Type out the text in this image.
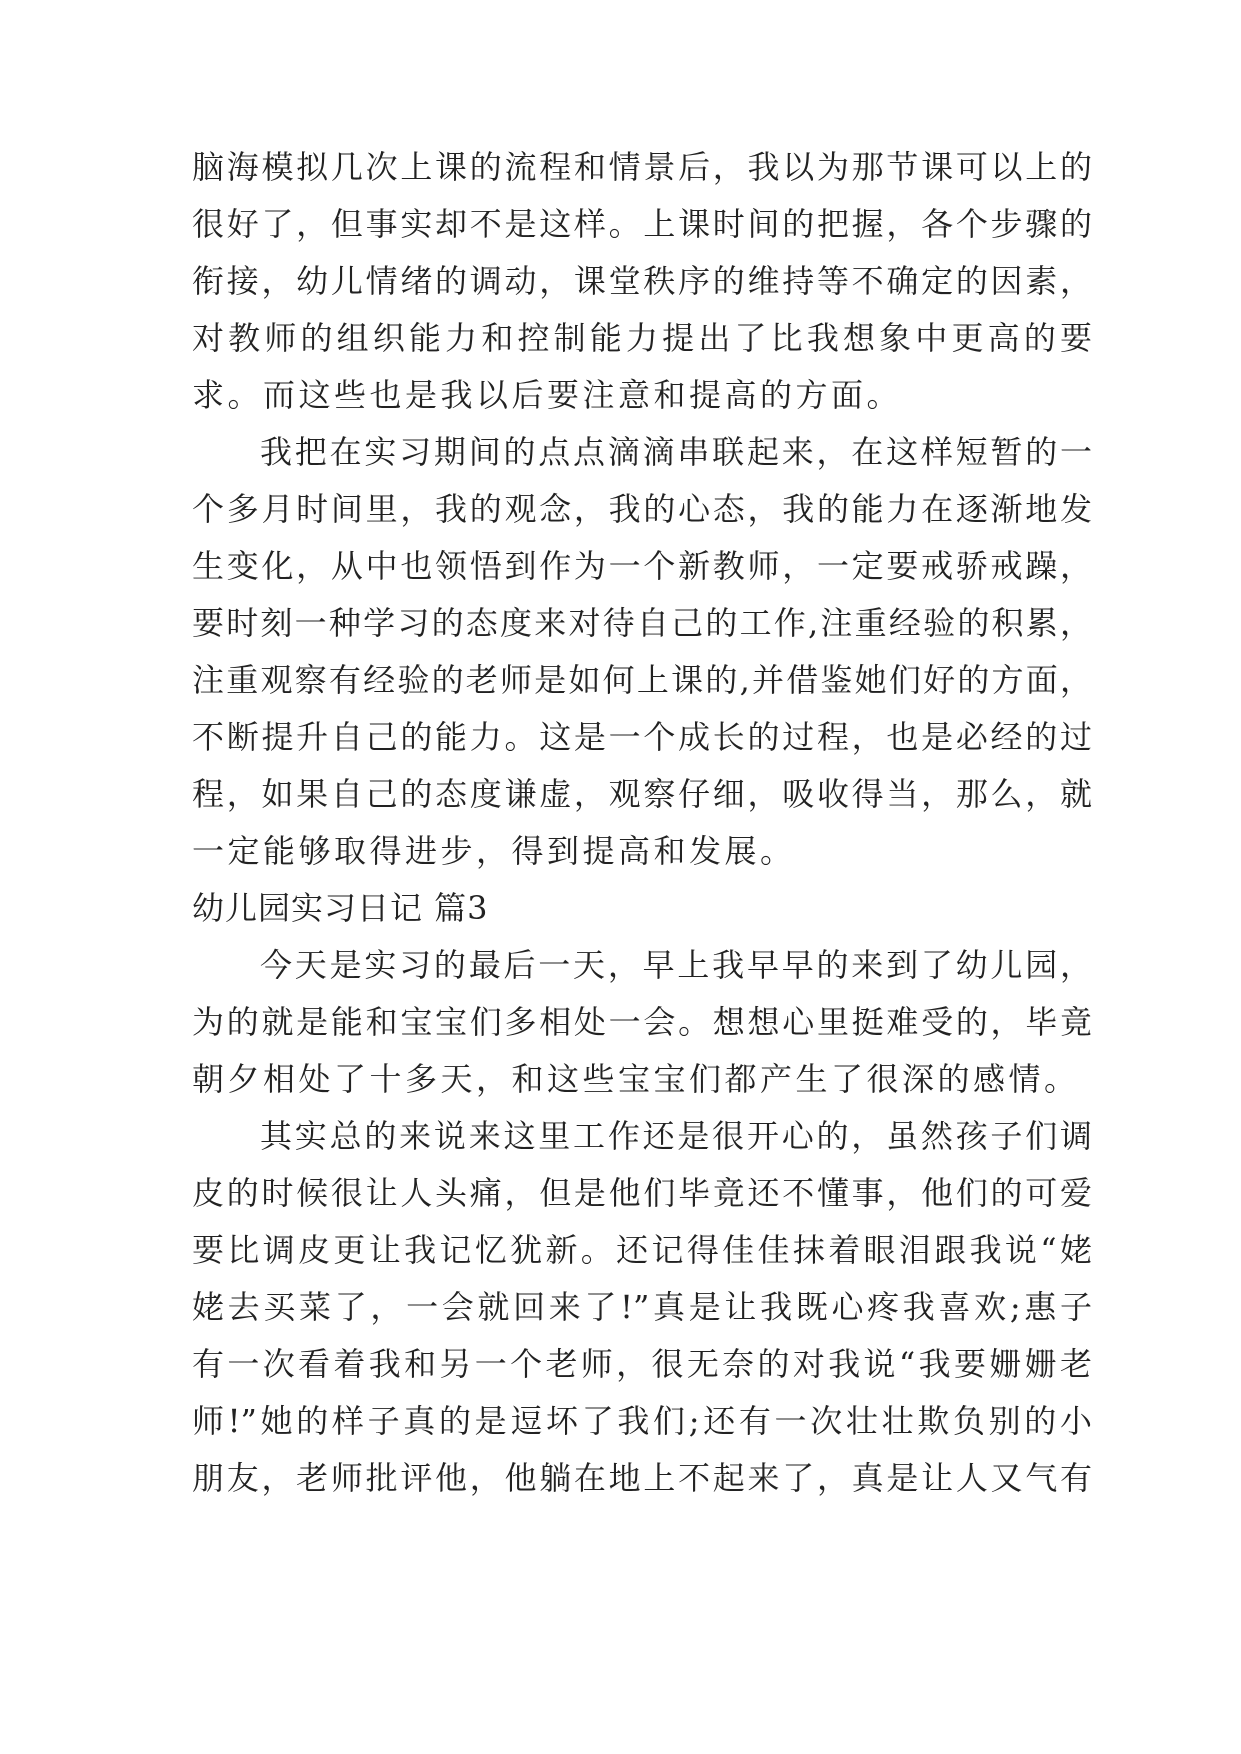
脑海模拟几次上课的流程和情景后，我以为那节课可以上的
很好了，但事实却不是这样。上课时间的把握，各个步骤的
衔接，幼儿情绪的调动，课堂秩序的维持等不确定的因素，
对教师的组织能力和控制能力提出了比我想象中更高的要
求。而这些也是我以后要注意和提高的方面。
我把在实习期间的点点滴滴串联起来，在这样短暂的一
个多月时间里，我的观念，我的心态，我的能力在逐渐地发
生变化，从中也领悟到作为一个新教师，一定要戒骄戒躁，
要时刻一种学习的态度来对待自己的工作,注重经验的积累，
注重观察有经验的老师是如何上课的,并借鉴她们好的方面，
不断提升自己的能力。这是一个成长的过程，也是必经的过
程，如果自己的态度谦虚，观察仔细，吸收得当，那么，就
一定能够取得进步，得到提高和发展。
幼儿园实习日记 篇3
今天是实习的最后一天，早上我早早的来到了幼儿园，
为的就是能和宝宝们多相处一会。想想心里挺难受的，毕竟
朝夕相处了十多天，和这些宝宝们都产生了很深的感情。
其实总的来说来这里工作还是很开心的，虽然孩子们调
皮的时候很让人头痛，但是他们毕竟还不懂事，他们的可爱
要比调皮更让我记忆犹新。还记得佳佳抹着眼泪跟我说“姥
姥去买菜了，一会就回来了!”真是让我既心疼我喜欢;惠子
有一次看着我和另一个老师，很无奈的对我说“我要姗姗老
师!”她的样子真的是逗坏了我们;还有一次壮壮欺负别的小
朋友，老师批评他，他躺在地上不起来了，真是让人又气有
